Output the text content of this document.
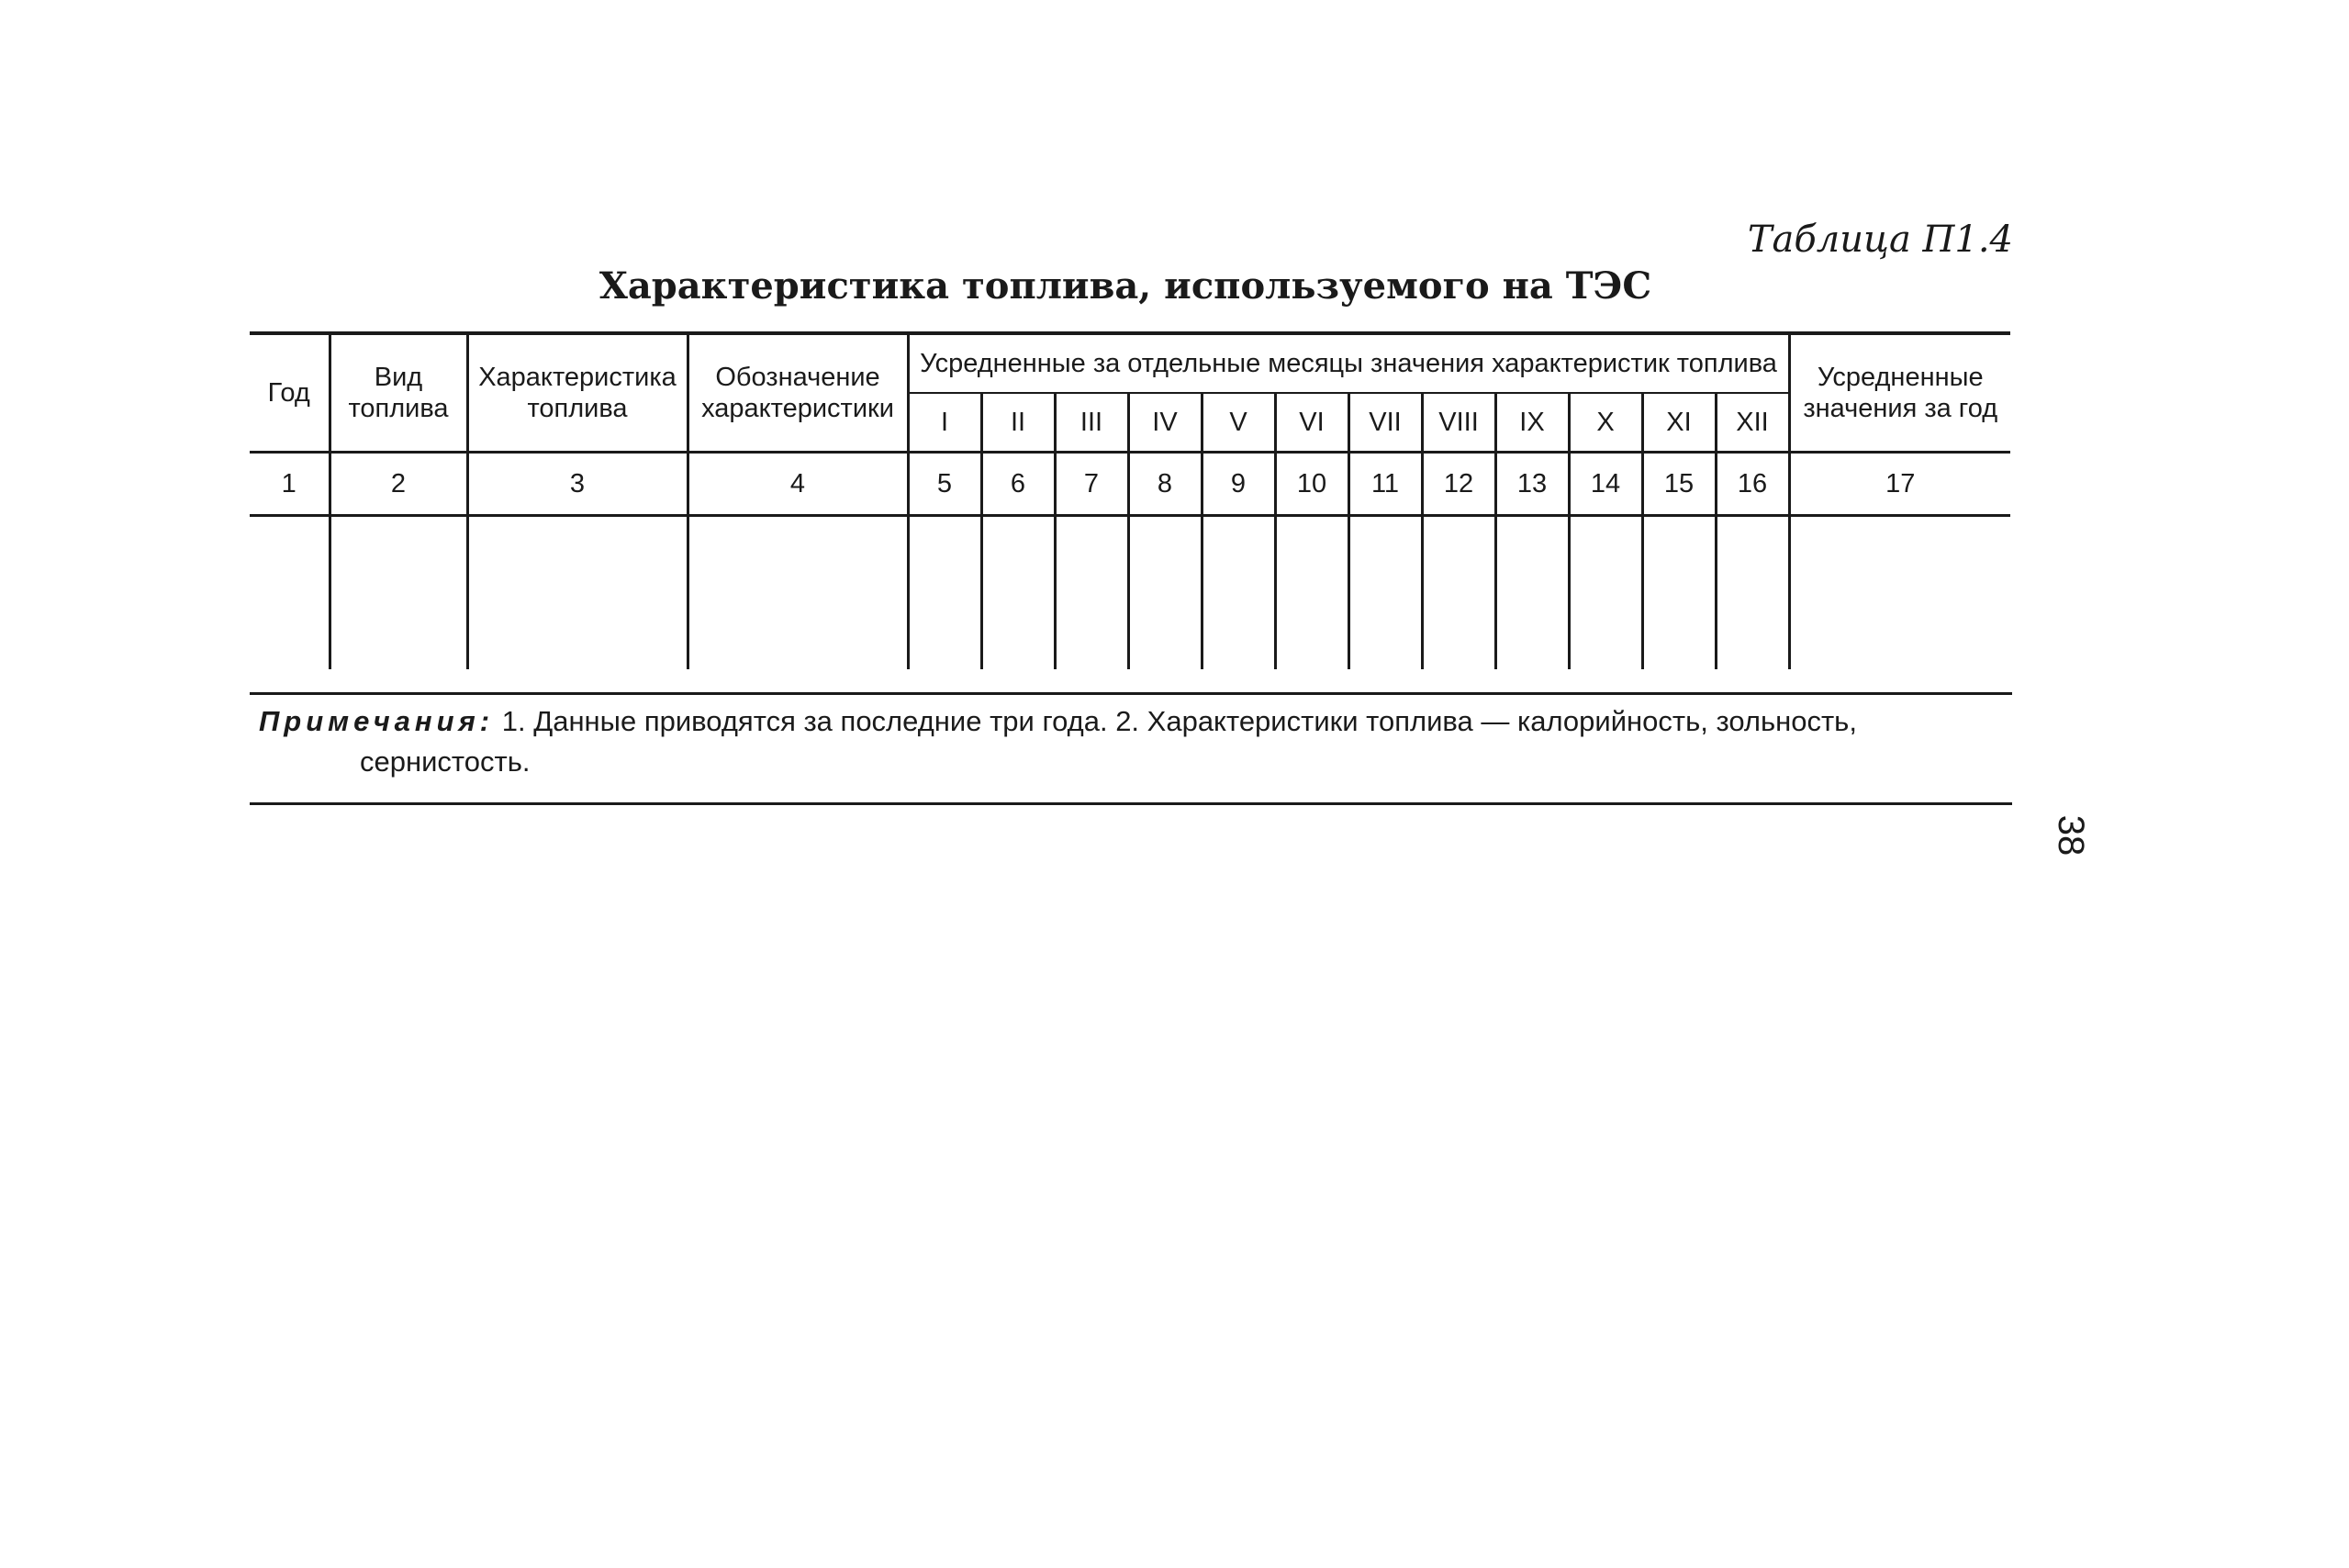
Таблица П1.4
Характеристика топлива, используемого на ТЭС
Год	Вид топлива	Характеристика топлива	Обозначение характеристики	Усредненные за отдельные месяцы значения характеристик топлива												Усредненные значения за год
				I	II	III	IV	V	VI	VII	VIII	IX	X	XI	XII	
1	2	3	4	5	6	7	8	9	10	11	12	13	14	15	16	17

Примечания: 1. Данные приводятся за последние три года. 2. Характеристики топлива — калорийность, зольность,
сернистость.
38
